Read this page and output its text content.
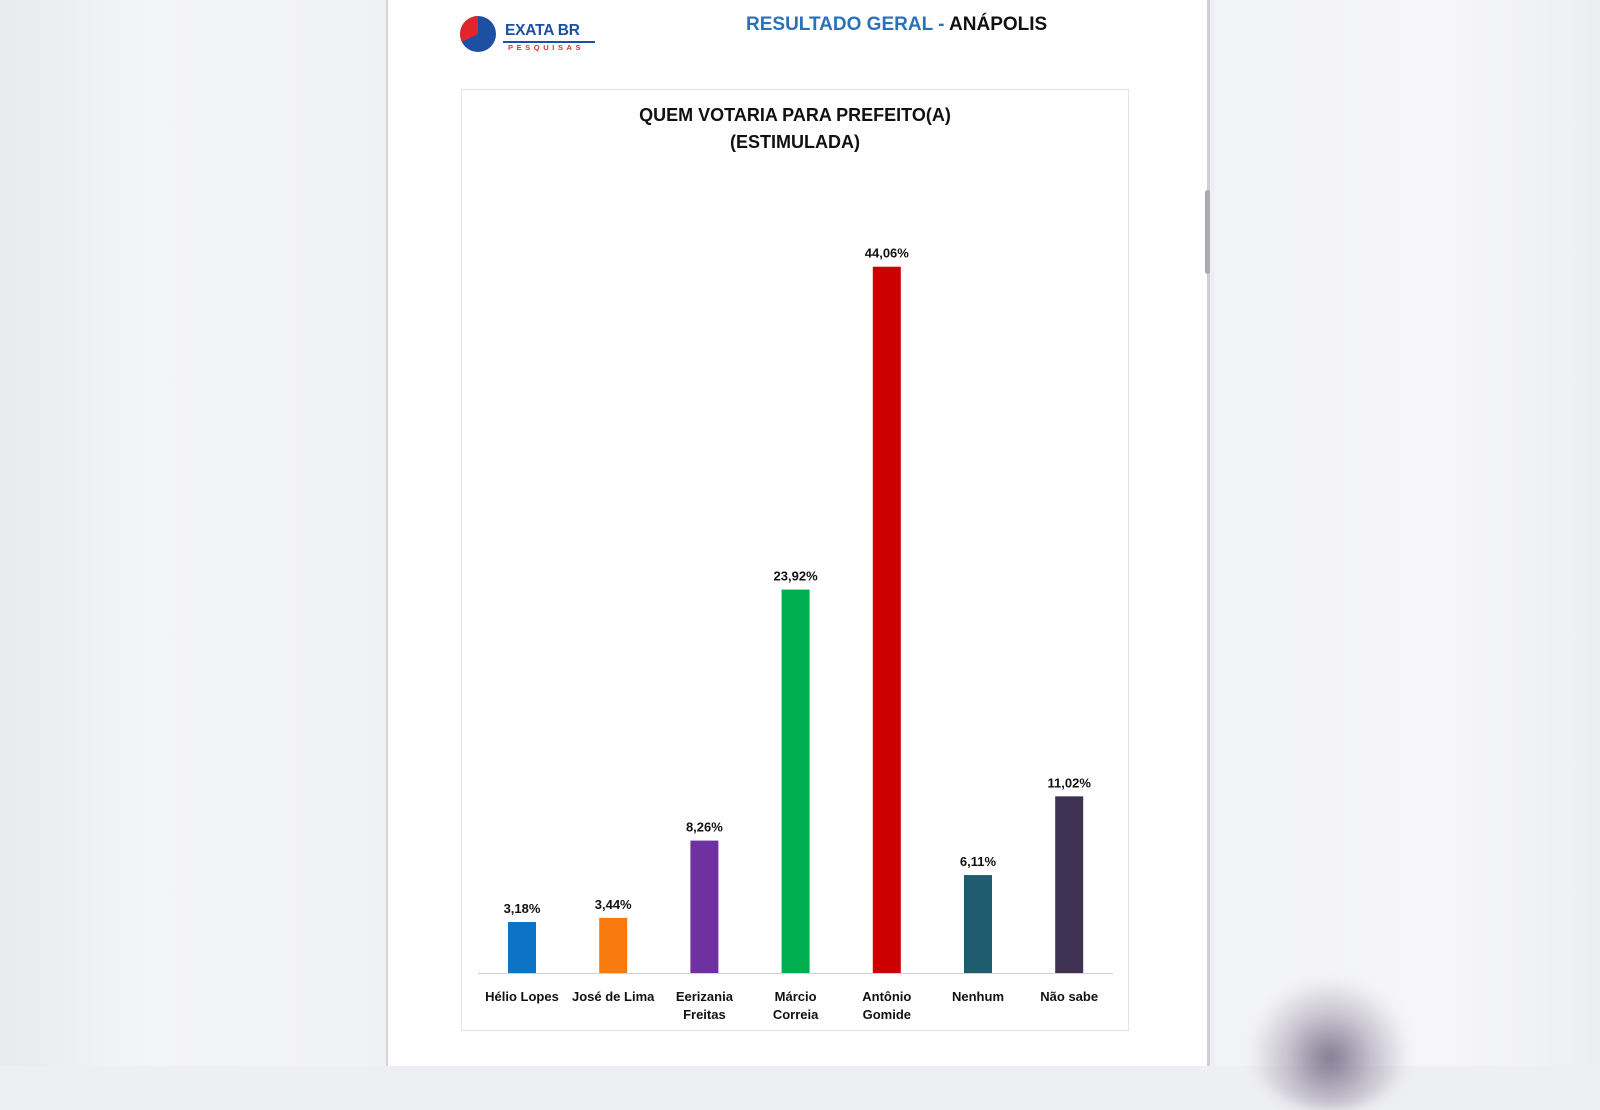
EXATA BR
PESQUISAS
RESULTADO GERAL - ANÁPOLIS
QUEM VOTARIA PARA PREFEITO(A)
(ESTIMULADA)
3,18%
Hélio Lopes
3,44%
José de Lima
8,26%
Eerizania
Freitas
23,92%
Márcio
Correia
44,06%
Antônio
Gomide
6,11%
Nenhum
11,02%
Não sabe
